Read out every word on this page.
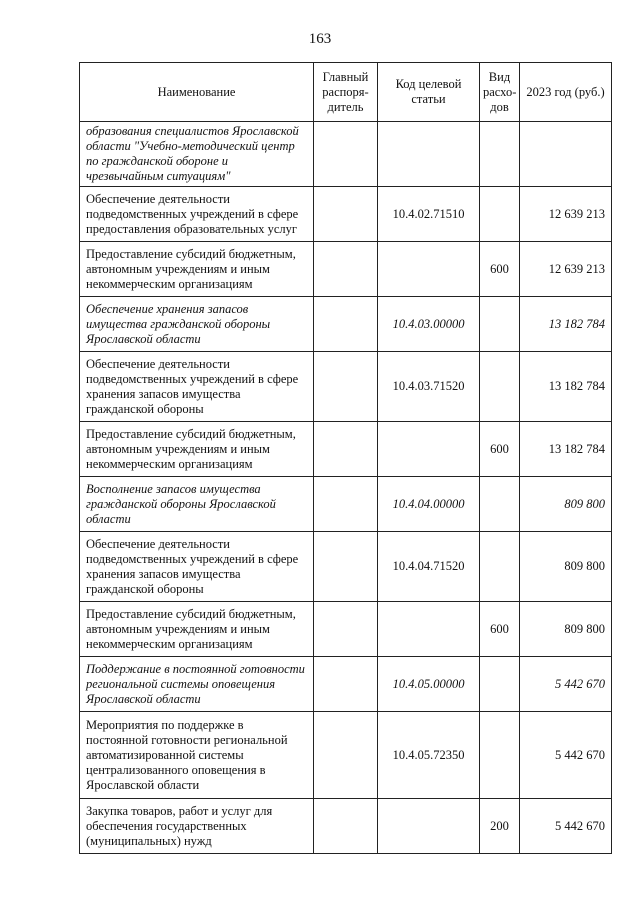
163
Наименование	Главный распоря-дитель	Код целевой статьи	Вид расхо-дов	2023 год (руб.)
образования специалистов Ярославской области "Учебно-методический центр по гражданской обороне и чрезвычайным ситуациям"				
Обеспечение деятельности подведомственных учреждений в сфере предоставления образовательных услуг		10.4.02.71510		12 639 213
Предоставление субсидий бюджетным, автономным учреждениям и иным некоммерческим организациям			600	12 639 213
Обеспечение хранения запасов имущества гражданской обороны Ярославской области		10.4.03.00000		13 182 784
Обеспечение деятельности подведомственных учреждений в сфере хранения запасов имущества гражданской обороны		10.4.03.71520		13 182 784
Предоставление субсидий бюджетным, автономным учреждениям и иным некоммерческим организациям			600	13 182 784
Восполнение запасов имущества гражданской обороны Ярославской области		10.4.04.00000		809 800
Обеспечение деятельности подведомственных учреждений в сфере хранения запасов имущества гражданской обороны		10.4.04.71520		809 800
Предоставление субсидий бюджетным, автономным учреждениям и иным некоммерческим организациям			600	809 800
Поддержание в постоянной готовности региональной системы оповещения Ярославской области		10.4.05.00000		5 442 670
Мероприятия по поддержке в постоянной готовности региональной автоматизированной системы централизованного оповещения в Ярославской области		10.4.05.72350		5 442 670
Закупка товаров, работ и услуг для обеспечения государственных (муниципальных) нужд			200	5 442 670
